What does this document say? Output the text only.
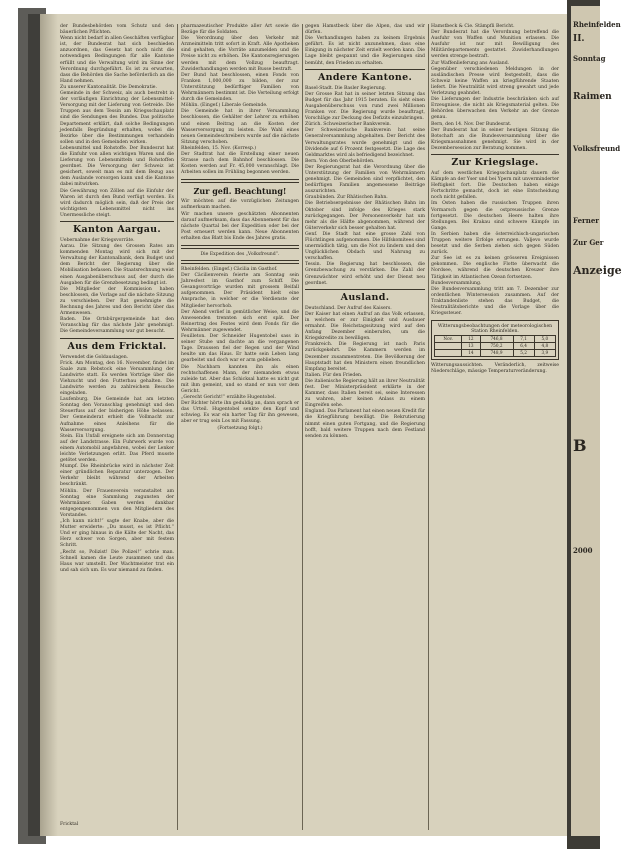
der Bundesbehörden vom Schutz und den bäuerlichen Pflichten.

Wenn nicht bedarf in allen Geschäften verfügbar ist, der Bundesrat hat sich beschieden anzuordnen, das Gesetz hat noch nicht die notwendigen Bedingungen für alle Kantone erfüllt und die Verwaltung wird im Sinne der Verordnung durchgeführt. Es ist zu erwarten, dass die Behörden die Sache beförderlich an die Hand nehmen.

Zu unserer Kantonalität. Die Demokratie.

Gemeinde in der Schweiz, als auch bestrebt in der vorläufigen Einrichtung der Lebensmittel-Versorgung mit der Lieferung von Getreide. Die Truppen aus dem Tessin am Kriegsschauplatz sind die Sendungen des Bundes. Das politische Departement erklärt, daß solche Bedingungen jedenfalls Begründung erhalten, wobei die Bezirke über die Bestimmungen verhandeln sollen und in den Gemeinden wirken.

Lebensmittel und Rohstoffe. Der Bundesrat hat die Einfuhr von allen wichtigen Waren und die Lieferung von Lebensmitteln und Rohstoffen geordnet. Die Versorgung der Schweiz ist gesichert, soweit man es mit dem Bezug aus dem Auslande vorsorgen kann und die Kantone dabei mitwirken.

Die Gewährung von Zöllen auf die Einfuhr der Waren ist durch den Bund verfügt worden. Es wird dadurch möglich sein, daß der Preis der wichtigsten Lebensmittel nicht ins Unermessliche steigt.

Kanton Aargau.

Uebernahme der Kriegsvorräte.

Aarau. Die Sitzung des Grossen Rates am kommenden Montag wird sich mit der Verwaltung der Kantonalbank, dem Budget und dem Bericht der Regierung über die Mobilisation befassen. Die Staatsrechnung weist einen Ausgabenüberschuss auf, der durch die Ausgaben für die Grenzbesetzung bedingt ist.

Die Mitglieder der Kommission haben beschlossen, die Vorlage auf die nächste Sitzung zu verschieben. Der Rat genehmigte die Rechnung des Jahres und den Bericht über das Armenwesen.

Baden. Die Ortsbürgergemeinde hat den Voranschlag für das nächste Jahr genehmigt. Die Gemeindeversammlung war gut besucht.

Aus dem Fricktal.

Verwendet die Goldauslagen.

Frick. Am Montag, den 16. November, findet im Saale zum Rebstock eine Versammlung der Landwirte statt. Es werden Vorträge über die Viehzucht und den Futterbau gehalten. Die Landwirte werden zu zahlreichem Besuche eingeladen.

Laufenburg. Die Gemeinde hat am letzten Sonntag den Voranschlag genehmigt und den Steuerfuss auf der bisherigen Höhe belassen. Der Gemeinderat erhielt die Vollmacht zur Aufnahme eines Anleihens für die Wasserversorgung.

Stein. Ein Unfall ereignete sich am Donnerstag auf der Landstrasse. Ein Fuhrwerk wurde von einem Automobil angefahren, wobei der Lenker leichte Verletzungen erlitt. Das Pferd musste getötet werden.

Mumpf. Die Rheinbrücke wird in nächster Zeit einer gründlichen Reparatur unterzogen. Der Verkehr bleibt während der Arbeiten beschränkt.

Möhlin. Der Frauenverein veranstaltet am Sonntag eine Sammlung zugunsten der Wehrmänner. Gaben werden dankbar entgegengenommen von den Mitgliedern des Vorstandes.

„Ich kann nicht!“ sagte der Knabe, aber die Mutter erwiderte: „Du musst, es ist Pflicht.“ Und er ging hinaus in die Kälte der Nacht, das Herz schwer von Sorgen, aber mit festem Schritt.

„Recht so, Polizist! Die Polizei!“ schrie man. Schnell kamen die Leute zusammen und das Haus war umstellt. Der Wachtmeister trat ein und sah sich um. Es war niemand zu finden.

pharmazeutischer Produkte aller Art sowie die Bezüge für die Soldaten.

Die Verordnung über den Verkehr mit Arzneimitteln tritt sofort in Kraft. Alle Apotheken sind gehalten, die Vorräte anzumelden und die Preise nicht zu erhöhen. Die Kantonsregierungen werden mit dem Vollzug beauftragt. Zuwiderhandlungen werden mit Busse bestraft.

Der Bund hat beschlossen, einen Fonds von Franken 1,000,000 zu bilden, der zur Unterstützung bedürftiger Familien von Wehrmännern bestimmt ist. Die Verteilung erfolgt durch die Gemeinden.

Möhlin. (Eingef.) Liberale Gemeinde.

Die Gemeinde hat in ihrer Versammlung beschlossen, die Gehälter der Lehrer zu erhöhen und einen Beitrag an die Kosten der Wasserversorgung zu leisten. Die Wahl eines neuen Gemeindeschreibers wurde auf die nächste Sitzung verschoben.

Rheinfelden, 15. Nov. (Korresp.)

Der Stadtrat hat die Erstellung einer neuen Strasse nach dem Bahnhof beschlossen. Die Kosten werden auf Fr. 45,000 veranschlagt. Die Arbeiten sollen im Frühling begonnen werden.

Zur gefl. Beachtung!

Wir möchten auf die vorzüglichen Zeitungen aufmerksam machen.

Wir machen unsere geschätzten Abonnenten darauf aufmerksam, dass das Abonnement für das nächste Quartal bei der Expedition oder bei der Post erneuert werden kann. Neue Abonnenten erhalten das Blatt bis Ende des Jahres gratis.

Die Expedition des „Volksfreund“.

Rheinfelden. (Eingef.) Cäcilia im Gasthof.

Der Cäcilienverein feierte am Sonntag sein Jahresfest im Gasthof zum Schiff. Die Gesangsvorträge wurden mit grossem Beifall aufgenommen. Der Präsident hielt eine Ansprache, in welcher er die Verdienste der Mitglieder hervorhob.

Der Abend verlief in gemütlicher Weise, und die Anwesenden trennten sich erst spät. Der Reinertrag des Festes wird dem Fonds für die Wehrmänner zugewendet.

Feuilleton. Der Schneider Hugentobel sass in seiner Stube und dachte an die vergangenen Tage. Draussen fiel der Regen und der Wind heulte um das Haus. Er hatte sein Leben lang gearbeitet und doch war er arm geblieben.

Die Nachbarn kannten ihn als einen rechtschaffenen Mann, der niemandem etwas zuleide tat. Aber das Schicksal hatte es nicht gut mit ihm gemeint, und so stand er nun vor dem Gericht.

„Gerecht Gericht!“ erzählte Hugentobel.

Der Richter hörte ihn geduldig an, dann sprach er das Urteil. Hugentobel senkte den Kopf und schwieg. Es war ein harter Tag für ihn gewesen, aber er trug sein Los mit Fassung.

(Fortsetzung folgt.)

gegen Hamstbeck über die Alpen, das und wir dürfen.

Die Verhandlungen haben zu keinem Ergebnis geführt. Es ist nicht anzunehmen, dass eine Einigung in nächster Zeit erzielt werden kann. Die Lage bleibt gespannt und die Regierungen sind bemüht, den Frieden zu erhalten.

Andere Kantone.

Basel-Stadt. Die Basler Regierung.

Der Grosse Rat hat in seiner letzten Sitzung das Budget für das Jahr 1915 beraten. Es sieht einen Ausgabenüberschuss von rund zwei Millionen Franken vor. Die Regierung wurde beauftragt, Vorschläge zur Deckung des Defizits einzubringen.

Zürich. Schweizerischer Bankverein.

Der Schweizerische Bankverein hat seine Generalversammlung abgehalten. Der Bericht des Verwaltungsrates wurde genehmigt und die Dividende auf 6 Prozent festgesetzt. Die Lage des Geldmarktes wird als befriedigend bezeichnet.

Bern. Von den Oberbehörden.

Der Regierungsrat hat die Verordnung über die Unterstützung der Familien von Wehrmännern genehmigt. Die Gemeinden sind verpflichtet, den bedürftigen Familien angemessene Beiträge auszurichten.

Graubünden. Zur Rhätischen Bahn.

Die Betriebsergebnisse der Rhätischen Bahn im Oktober sind infolge des Krieges stark zurückgegangen. Der Personenverkehr hat um mehr als die Hälfte abgenommen, während der Güterverkehr sich besser gehalten hat.

Genf. Die Stadt hat eine grosse Zahl von Flüchtlingen aufgenommen. Die Hilfskomitees sind unermüdlich tätig, um die Not zu lindern und den Unglücklichen Obdach und Nahrung zu verschaffen.

Tessin. Die Regierung hat beschlossen, die Grenzbewachung zu verstärken. Die Zahl der Grenzwächter wird erhöht und der Dienst neu geordnet.

Ausland.

Deutschland. Der Aufruf des Kaisers.

Der Kaiser hat einen Aufruf an das Volk erlassen, in welchem er zur Einigkeit und Ausdauer ermahnt. Die Reichstagssitzung wird auf den Anfang Dezember einberufen, um die Kriegskredite zu bewilligen.

Frankreich. Die Regierung ist nach Paris zurückgekehrt. Die Kammern werden im Dezember zusammentreten. Die Bevölkerung der Hauptstadt hat den Ministern einen freundlichen Empfang bereitet.

Italien. Für den Frieden.

Die italienische Regierung hält an ihrer Neutralität fest. Der Ministerpräsident erklärte in der Kammer, dass Italien bereit sei, seine Interessen zu wahren, aber keinen Anlass zu einem Eingreifen sehe.

England. Das Parlament hat einen neuen Kredit für die Kriegführung bewilligt. Die Rekrutierung nimmt einen guten Fortgang, und die Regierung hofft, bald weitere Truppen nach dem Festland senden zu können.

Hamstbeck & Cie. Stämpfli Bericht.

Der Bundesrat hat die Verordnung betreffend die Ausfuhr von Waffen und Munition erlassen. Die Ausfuhr ist nur mit Bewilligung des Militärdepartements gestattet. Zuwiderhandlungen werden strenge bestraft.

Zur Waffenlieferung ans Ausland.

Gegenüber verschiedenen Meldungen in der ausländischen Presse wird festgestellt, dass die Schweiz keine Waffen an kriegführende Staaten liefert. Die Neutralität wird streng gewahrt und jede Verletzung geahndet.

Die Lieferungen der Industrie beschränken sich auf Erzeugnisse, die nicht als Kriegsmaterial gelten. Die Behörden überwachen den Verkehr an der Grenze genau.

Bern, den 14. Nov. Der Bundesrat.

Der Bundesrat hat in seiner heutigen Sitzung die Botschaft an die Bundesversammlung über die Kriegsmassnahmen genehmigt. Sie wird in der Dezembersession zur Beratung kommen.

Zur Kriegslage.

Auf dem westlichen Kriegsschauplatz dauern die Kämpfe an der Yser und bei Ypern mit unverminderter Heftigkeit fort. Die Deutschen haben einige Fortschritte gemacht, doch ist eine Entscheidung noch nicht gefallen.

Im Osten haben die russischen Truppen ihren Vormarsch gegen die ostpreussische Grenze fortgesetzt. Die deutschen Heere halten ihre Stellungen. Bei Krakau sind schwere Kämpfe im Gange.

In Serbien haben die österreichisch-ungarischen Truppen weitere Erfolge errungen. Valjevo wurde besetzt und die Serben ziehen sich gegen Süden zurück.

Zur See ist es zu keinen grösseren Ereignissen gekommen. Die englische Flotte überwacht die Nordsee, während die deutschen Kreuzer ihre Tätigkeit im Atlantischen Ozean fortsetzen.

Bundesversammlung.

Die Bundesversammlung tritt am 7. Dezember zur ordentlichen Wintersession zusammen. Auf der Traktandenliste stehen das Budget, die Neutralitätsberichte und die Vorlage über die Kriegssteuer.

Witterungsbeobachtungen der meteorologischen Station Rheinfelden.
Nov.	12	746,8	7,1	5,0
	13	750,2	6,4	4,8
	14	748,9	5,2	3,9

Witterungsaussichten. Veränderlich, zeitweise Niederschläge, mässige Temperaturveränderung.

Rheinfelden
II.
Sonntag
Raimen
Volksfreund
Ferner
Zur Ger
Anzeige
B
2000
Fricktal
